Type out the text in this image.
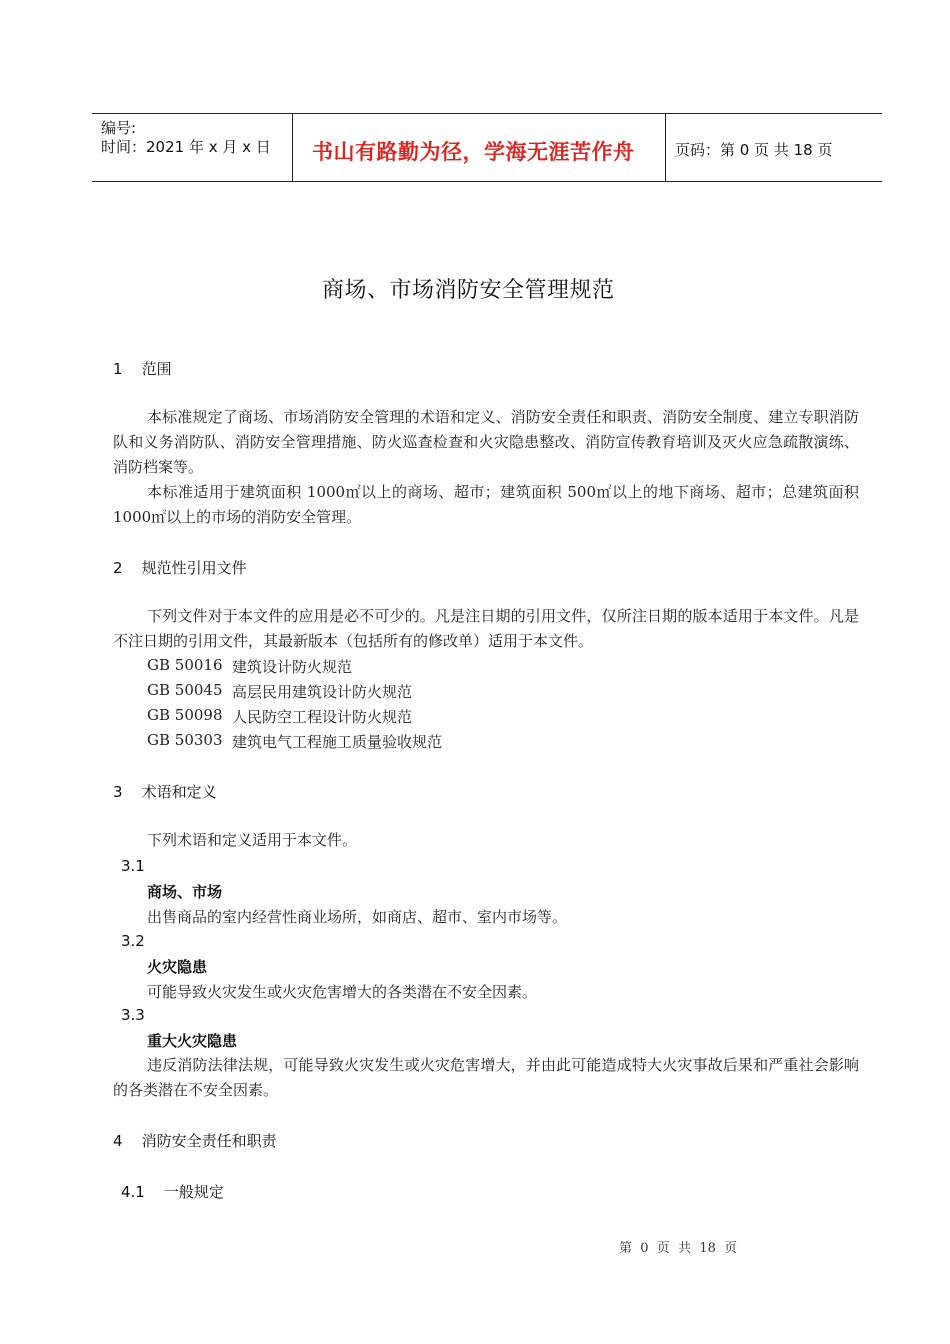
编号:
时间：2021 年 x 月 x 日 书山有路勤为径，学海无涯苦作舟	页码：第 0 页 共 18 页
商场、市场消防安全管理规范
1    范围
本标准规定了商场、市场消防安全管理的术语和定义、消防安全责任和职责、消防安全制度、建立专职消防队和义务消防队、消防安全管理措施、防火巡查检查和火灾隐患整改、消防宣传教育培训及灭火应急疏散演练、消防档案等。
本标准适用于建筑面积 1000㎡以上的商场、超市；建筑面积 500㎡以上的地下商场、超市；总建筑面积 1000㎡以上的市场的消防安全管理。
2    规范性引用文件
下列文件对于本文件的应用是必不可少的。凡是注日期的引用文件，仅所注日期的版本适用于本文件。凡是不注日期的引用文件，其最新版本（包括所有的修改单）适用于本文件。
GB 50016 建筑设计防火规范
GB 50045 高层民用建筑设计防火规范
GB 50098 人民防空工程设计防火规范
GB 50303 建筑电气工程施工质量验收规范
3    术语和定义
下列术语和定义适用于本文件。
3.1
商场、市场
出售商品的室内经营性商业场所，如商店、超市、室内市场等。
3.2
火灾隐患
可能导致火灾发生或火灾危害增大的各类潜在不安全因素。
3.3
重大火灾隐患
违反消防法律法规，可能导致火灾发生或火灾危害增大，并由此可能造成特大火灾事故后果和严重社会影响的各类潜在不安全因素。
4    消防安全责任和职责
4.1    一般规定
第  0  页  共  18  页
